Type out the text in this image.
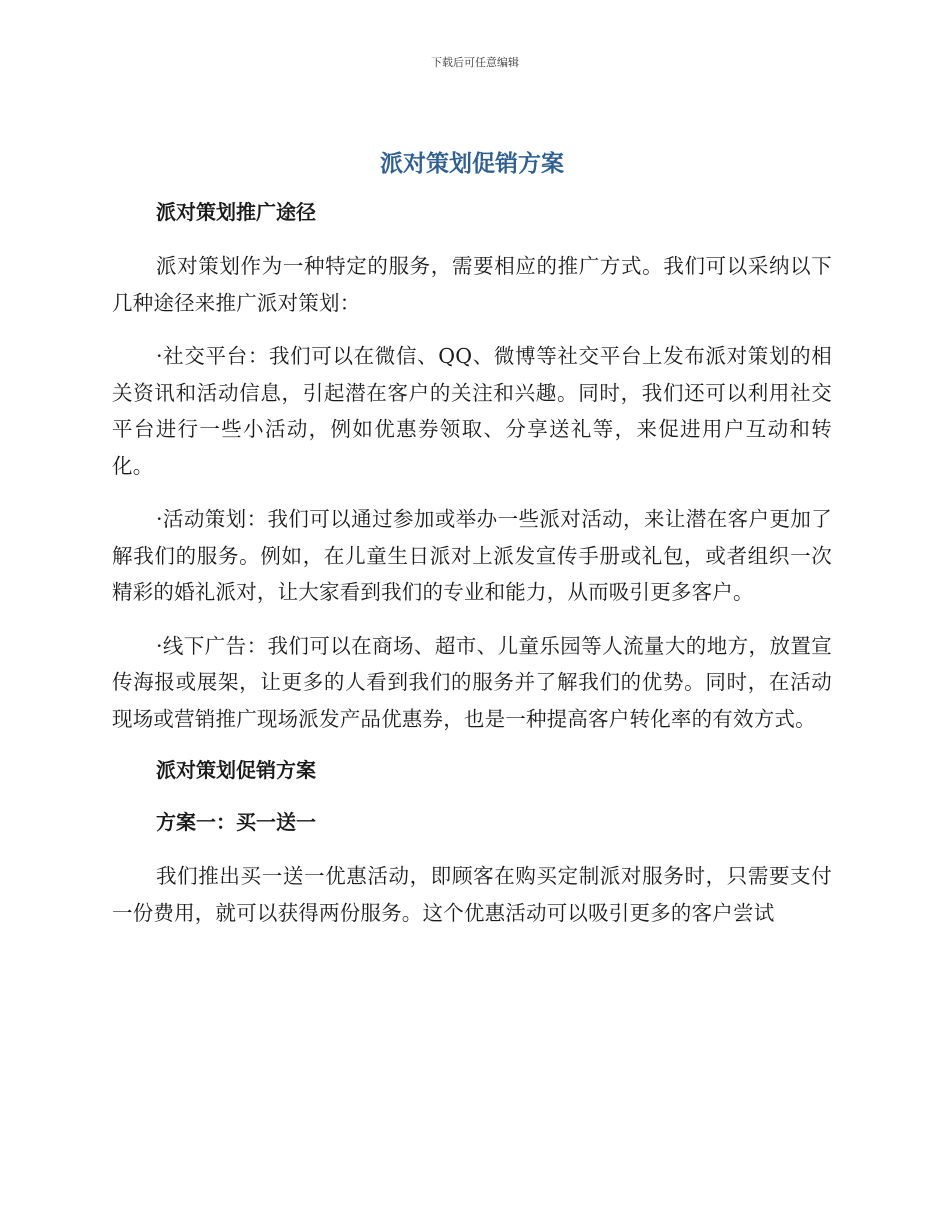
下载后可任意编辑
派对策划促销方案
派对策划推广途径

派对策划作为一种特定的服务，需要相应的推广方式。我们可以采纳以下几种途径来推广派对策划：

·社交平台：我们可以在微信、QQ、微博等社交平台上发布派对策划的相关资讯和活动信息，引起潜在客户的关注和兴趣。同时，我们还可以利用社交平台进行一些小活动，例如优惠券领取、分享送礼等，来促进用户互动和转化。

·活动策划：我们可以通过参加或举办一些派对活动，来让潜在客户更加了解我们的服务。例如，在儿童生日派对上派发宣传手册或礼包，或者组织一次精彩的婚礼派对，让大家看到我们的专业和能力，从而吸引更多客户。

·线下广告：我们可以在商场、超市、儿童乐园等人流量大的地方，放置宣传海报或展架，让更多的人看到我们的服务并了解我们的优势。同时，在活动现场或营销推广现场派发产品优惠券，也是一种提高客户转化率的有效方式。

派对策划促销方案
方案一：买一送一

我们推出买一送一优惠活动，即顾客在购买定制派对服务时，只需要支付一份费用，就可以获得两份服务。这个优惠活动可以吸引更多的客户尝试
